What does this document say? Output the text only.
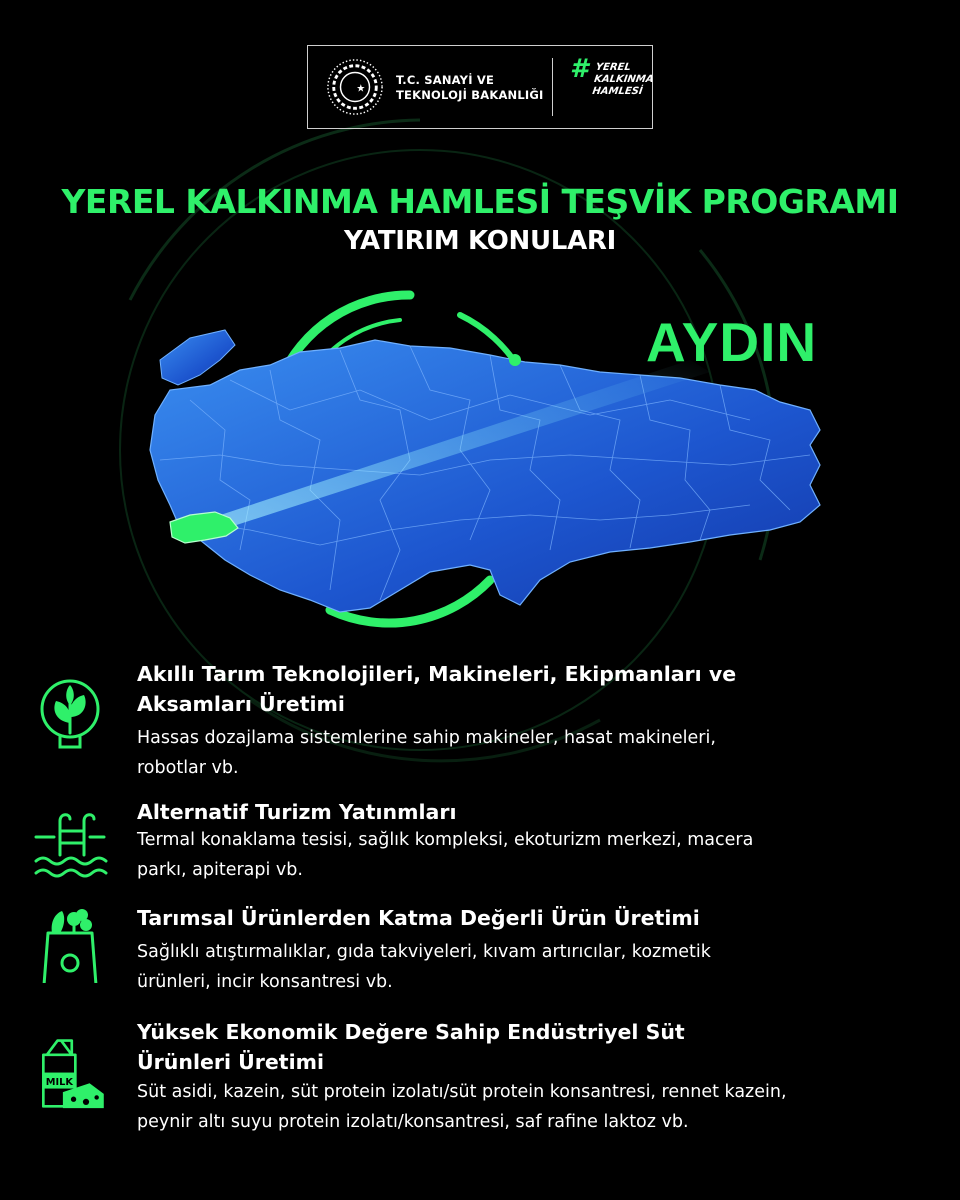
T.C. SANAYİ VE
TEKNOLOJİ BAKANLIĞI
# YEREL
KALKINMA
HAMLESİ
YEREL KALKINMA HAMLESİ TEŞVİK PROGRAMI
YATIRIM KONULARI
AYDIN
Akıllı Tarım Teknolojileri, Makineleri, Ekipmanları ve
Aksamları Üretimi
Hassas dozajlama sistemlerine sahip makineler, hasat makineleri,
robotlar vb.
Alternatif Turizm Yatınmları
Termal konaklama tesisi, sağlık kompleksi, ekoturizm merkezi, macera
parkı, apiterapi vb.
Tarımsal Ürünlerden Katma Değerli Ürün Üretimi
Sağlıklı atıştırmalıklar, gıda takviyeleri, kıvam artırıcılar, kozmetik
ürünleri, incir konsantresi vb.
MILK
Yüksek Ekonomik Değere Sahip Endüstriyel Süt
Ürünleri Üretimi
Süt asidi, kazein, süt protein izolatı/süt protein konsantresi, rennet kazein,
peynir altı suyu protein izolatı/konsantresi, saf rafine laktoz vb.
